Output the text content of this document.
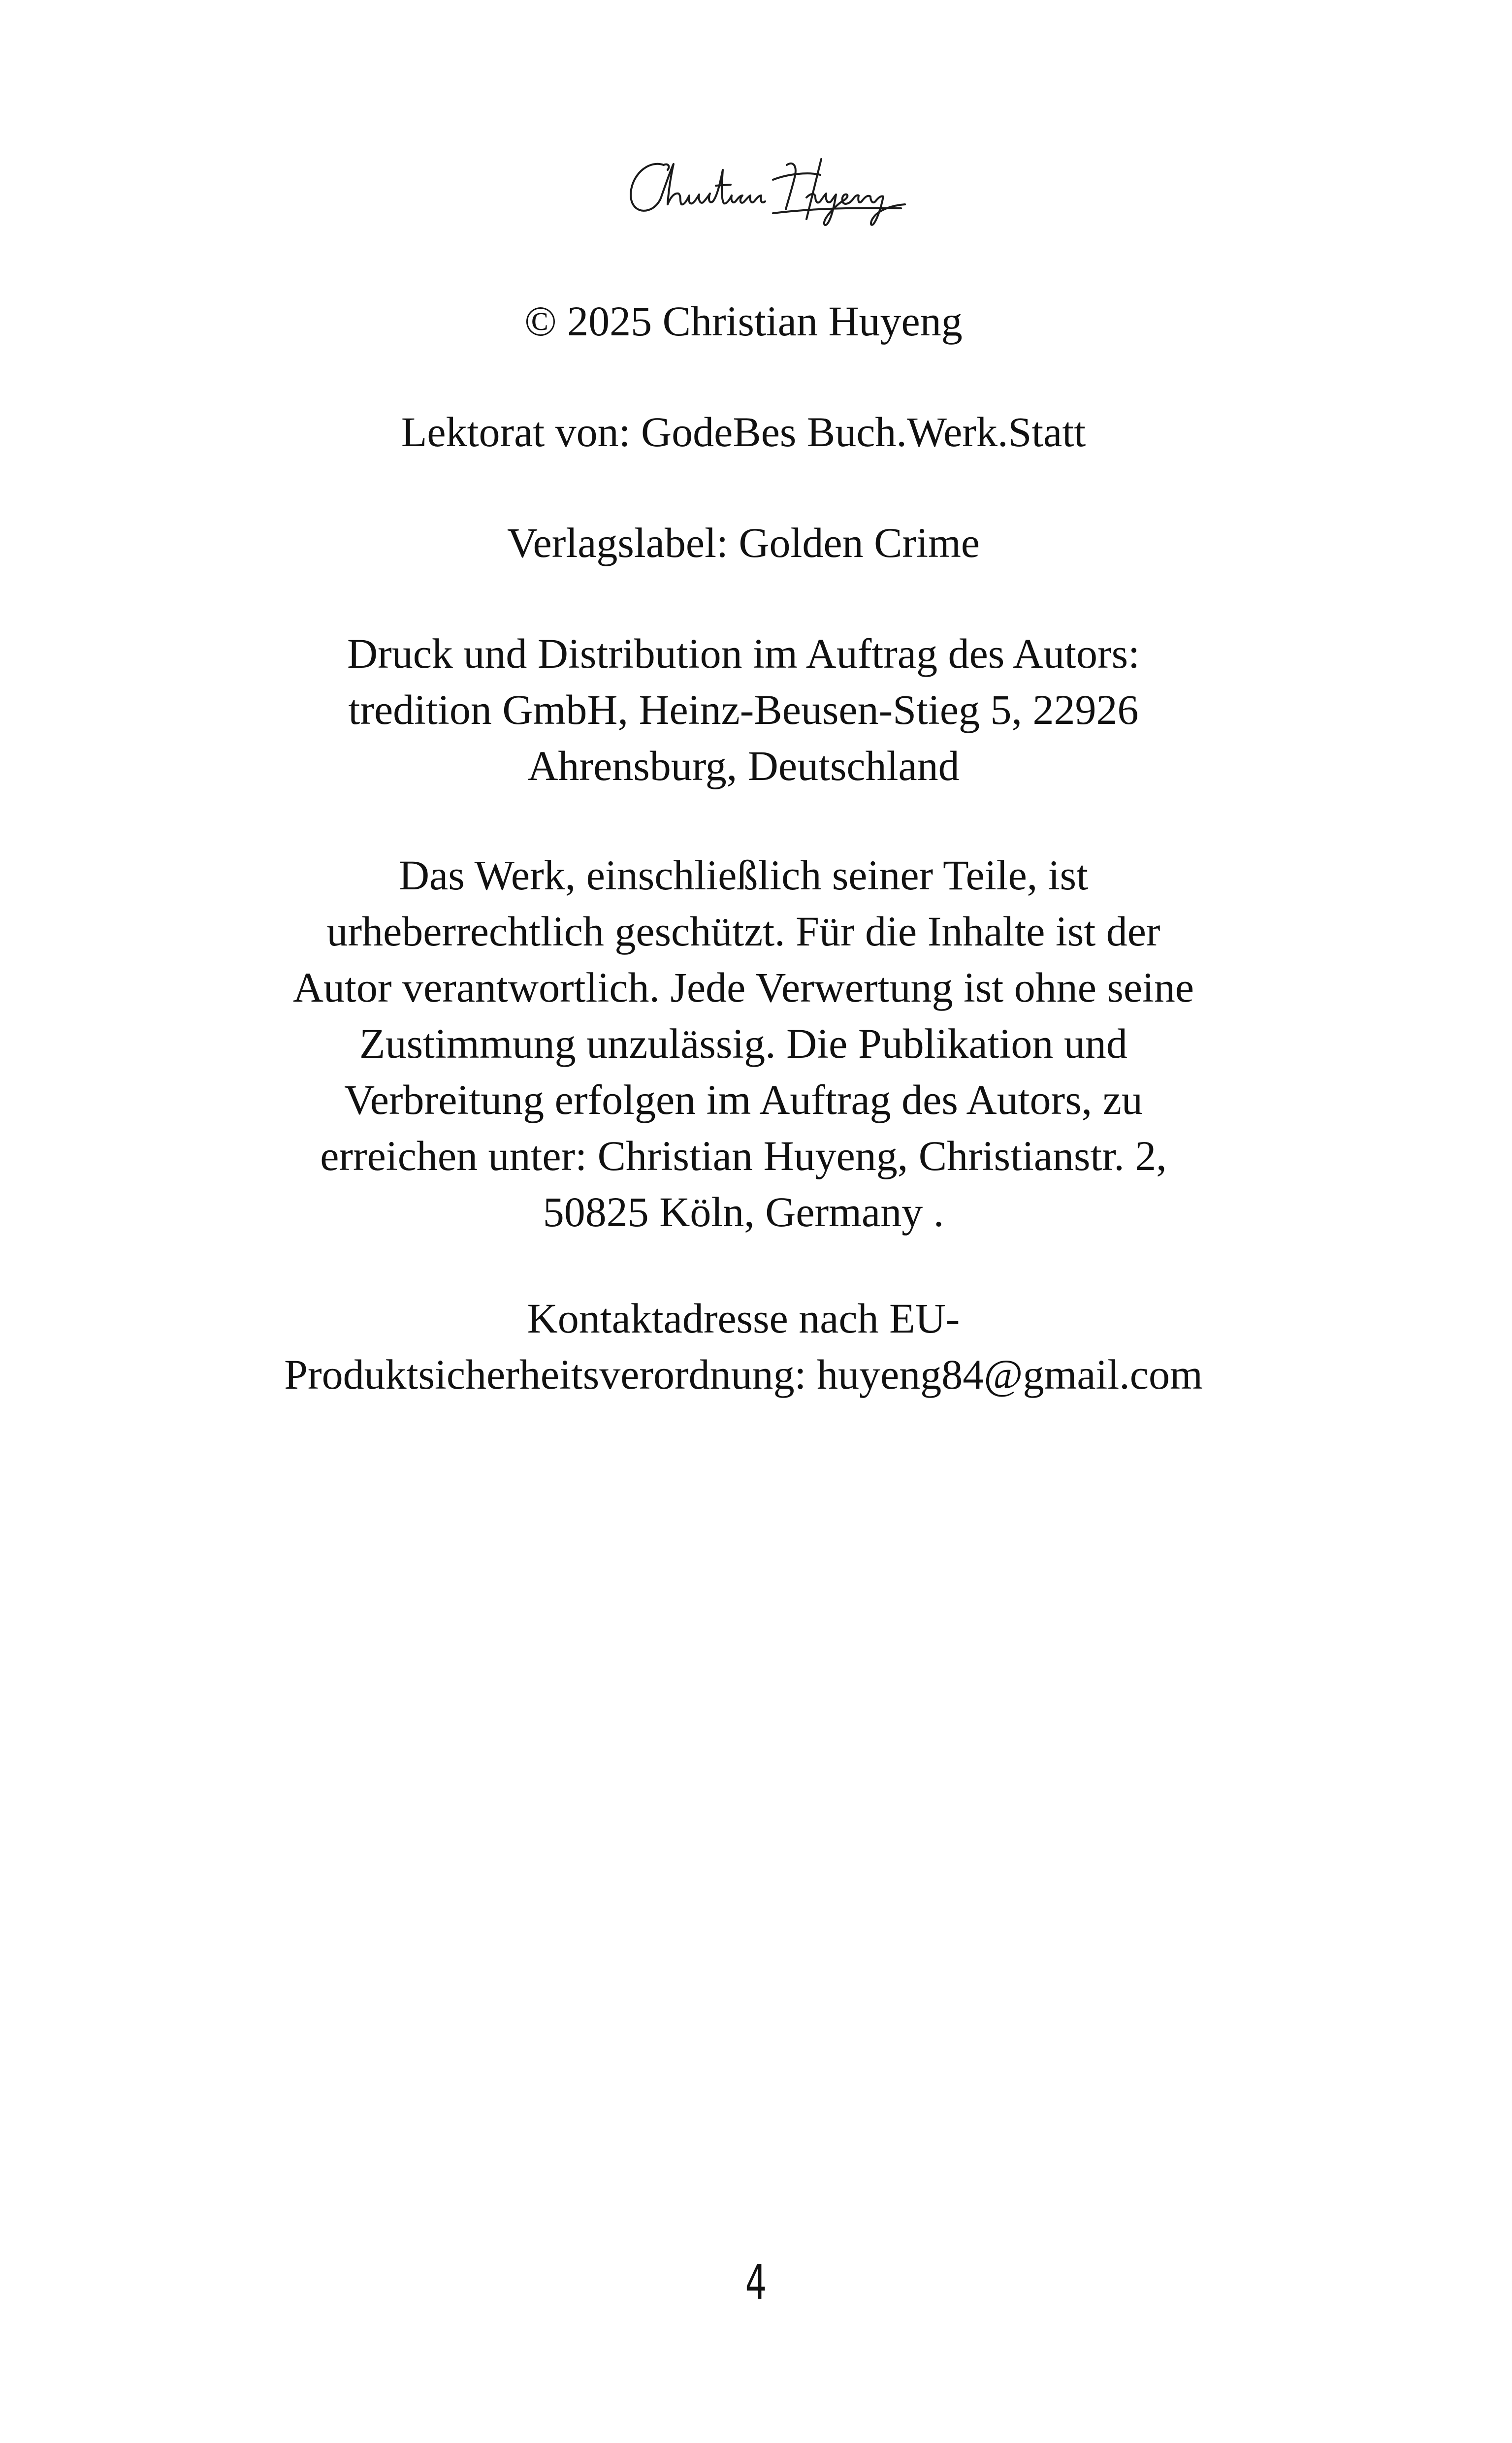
© 2025 Christian Huyeng

Lektorat von: GodeBes Buch.Werk.Statt

Verlagslabel: Golden Crime

Druck und Distribution im Auftrag des Autors:
tredition GmbH, Heinz-Beusen-Stieg 5, 22926
Ahrensburg, Deutschland

Das Werk, einschließlich seiner Teile, ist
urheberrechtlich geschützt. Für die Inhalte ist der
Autor verantwortlich. Jede Verwertung ist ohne seine
Zustimmung unzulässig. Die Publikation und
Verbreitung erfolgen im Auftrag des Autors, zu
erreichen unter: Christian Huyeng, Christianstr. 2,
50825 Köln, Germany .

Kontaktadresse nach EU-
Produktsicherheitsverordnung: huyeng84@gmail.com

4
